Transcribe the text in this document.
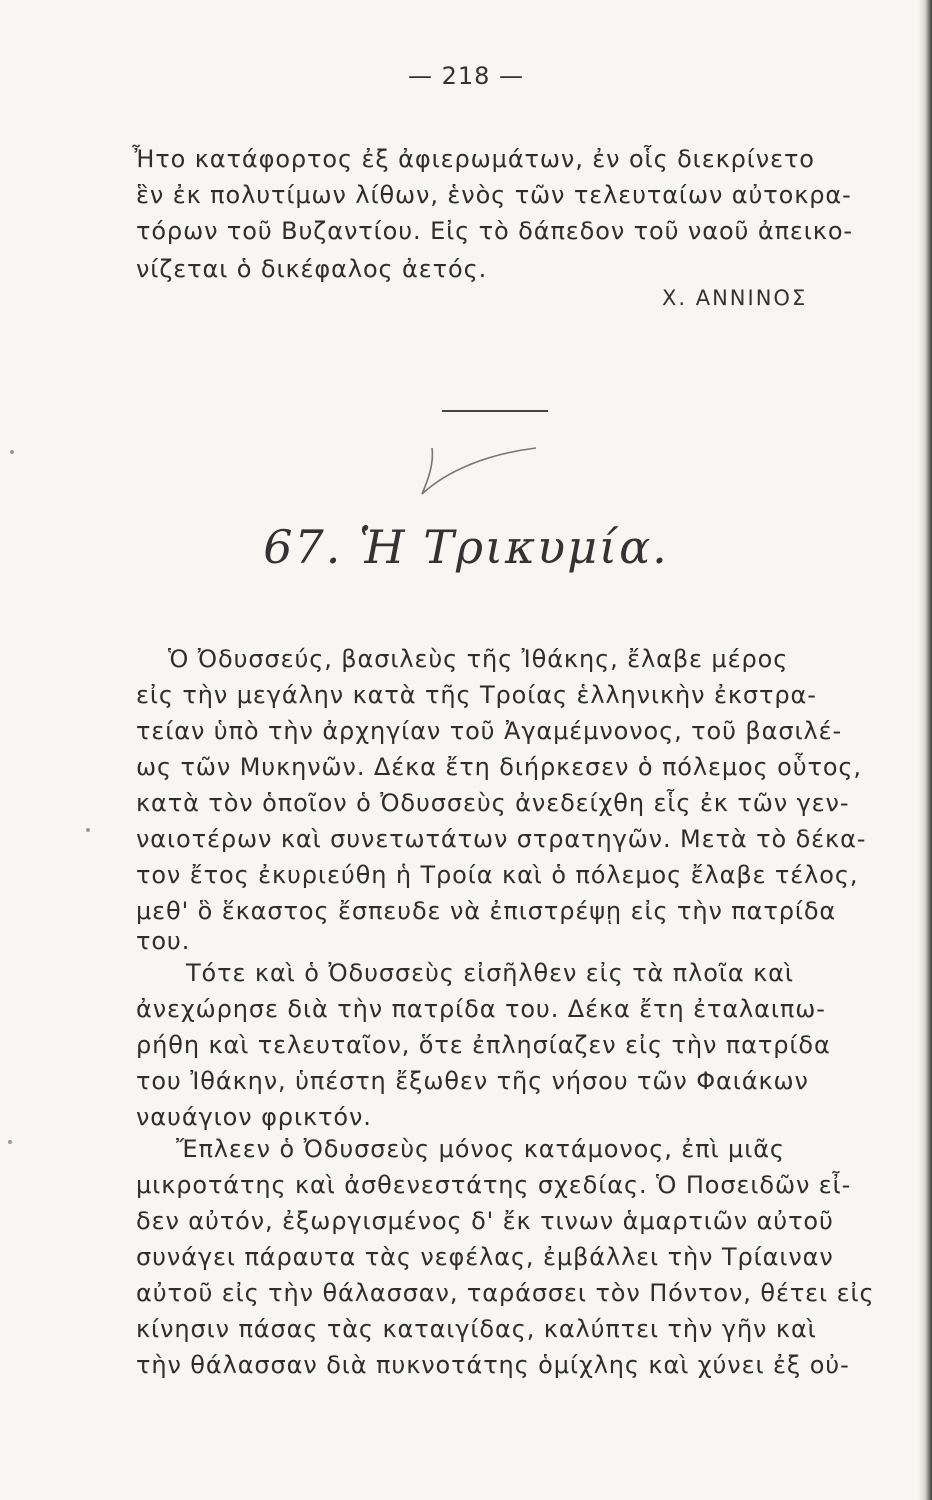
— 218 —
Ἦτο κατάφορτος ἐξ ἀφιερωμάτων, ἐν οἷς διεκρίνετο
ἓν ἐκ πολυτίμων λίθων, ἑνὸς τῶν τελευταίων αὐτοκρα-
τόρων τοῦ Βυζαντίου. Εἰς τὸ δάπεδον τοῦ ναοῦ ἀπεικο-
νίζεται ὁ δικέφαλος ἀετός.
Χ. ΑΝΝΙΝΟΣ
67. Ἡ Τρικυμία.
Ὁ Ὀδυσσεύς, βασιλεὺς τῆς Ἰθάκης, ἔλαβε μέρος
εἰς τὴν μεγάλην κατὰ τῆς Τροίας ἑλληνικὴν ἐκστρα-
τείαν ὑπὸ τὴν ἀρχηγίαν τοῦ Ἀγαμέμνονος, τοῦ βασιλέ-
ως τῶν Μυκηνῶν. Δέκα ἔτη διήρκεσεν ὁ πόλεμος οὗτος,
κατὰ τὸν ὁποῖον ὁ Ὀδυσσεὺς ἀνεδείχθη εἷς ἐκ τῶν γεν-
ναιοτέρων καὶ συνετωτάτων στρατηγῶν. Μετὰ τὸ δέκα-
τον ἔτος ἐκυριεύθη ἡ Τροία καὶ ὁ πόλεμος ἔλαβε τέλος,
μεθ' ὃ ἕκαστος ἔσπευδε νὰ ἐπιστρέψῃ εἰς τὴν πατρίδα
του.
Τότε καὶ ὁ Ὀδυσσεὺς εἰσῆλθεν εἰς τὰ πλοῖα καὶ
ἀνεχώρησε διὰ τὴν πατρίδα του. Δέκα ἔτη ἐταλαιπω-
ρήθη καὶ τελευταῖον, ὅτε ἐπλησίαζεν εἰς τὴν πατρίδα
του Ἰθάκην, ὑπέστη ἔξωθεν τῆς νήσου τῶν Φαιάκων
ναυάγιον φρικτόν.
Ἔπλεεν ὁ Ὀδυσσεὺς μόνος κατάμονος, ἐπὶ μιᾶς
μικροτάτης καὶ ἀσθενεστάτης σχεδίας. Ὁ Ποσειδῶν εἶ-
δεν αὐτόν, ἐξωργισμένος δ' ἔκ τινων ἁμαρτιῶν αὐτοῦ
συνάγει πάραυτα τὰς νεφέλας, ἐμβάλλει τὴν Τρίαιναν
αὐτοῦ εἰς τὴν θάλασσαν, ταράσσει τὸν Πόντον, θέτει εἰς
κίνησιν πάσας τὰς καταιγίδας, καλύπτει τὴν γῆν καὶ
τὴν θάλασσαν διὰ πυκνοτάτης ὁμίχλης καὶ χύνει ἐξ οὐ-
